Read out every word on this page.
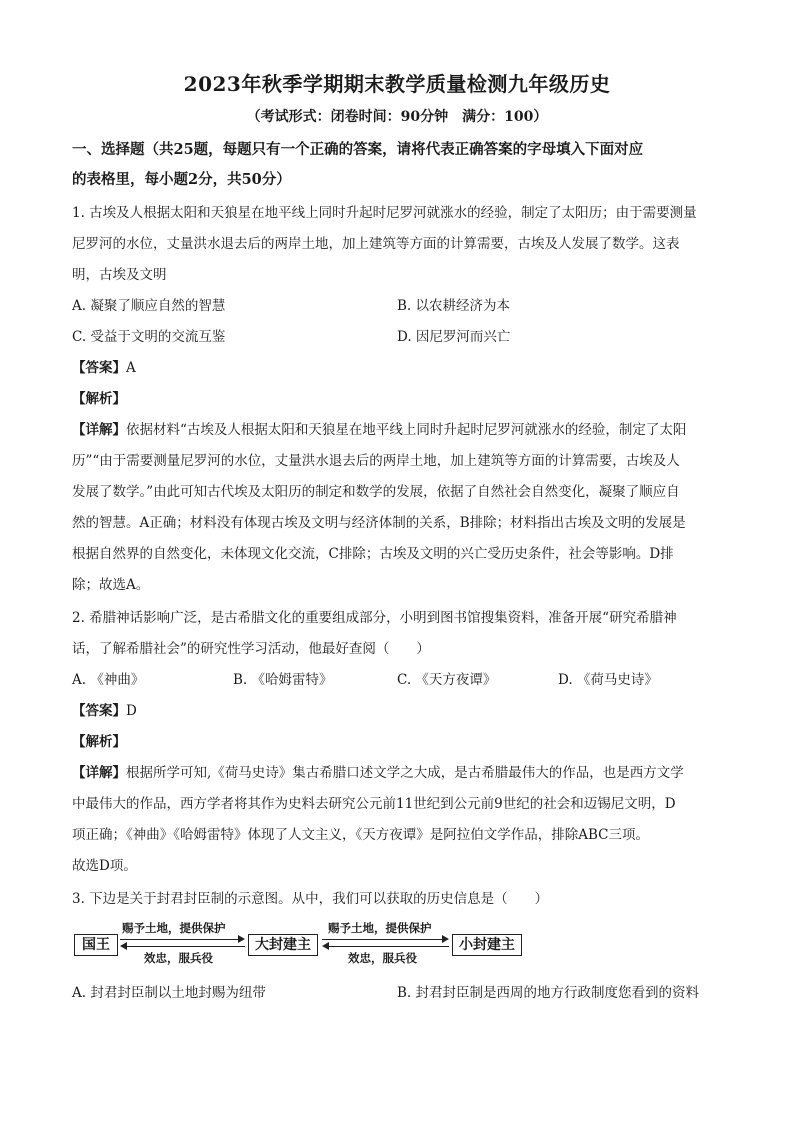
2023年秋季学期期末教学质量检测九年级历史
（考试形式：闭卷时间：90分钟　满分：100）
一、选择题（共25题，每题只有一个正确的答案，请将代表正确答案的字母填入下面对应
的表格里，每小题2分，共50分）
1. 古埃及人根据太阳和天狼星在地平线上同时升起时尼罗河就涨水的经验，制定了太阳历；由于需要测量
尼罗河的水位，丈量洪水退去后的两岸土地，加上建筑等方面的计算需要，古埃及人发展了数学。这表
明，古埃及文明
A. 凝聚了顺应自然的智慧	B. 以农耕经济为本
C. 受益于文明的交流互鉴	D. 因尼罗河而兴亡
【答案】A
【解析】
【详解】依据材料“古埃及人根据太阳和天狼星在地平线上同时升起时尼罗河就涨水的经验，制定了太阳
历”“由于需要测量尼罗河的水位，丈量洪水退去后的两岸土地，加上建筑等方面的计算需要，古埃及人
发展了数学。”由此可知古代埃及太阳历的制定和数学的发展，依据了自然社会自然变化，凝聚了顺应自
然的智慧。A正确；材料没有体现古埃及文明与经济体制的关系，B排除；材料指出古埃及文明的发展是
根据自然界的自然变化，未体现文化交流，C排除；古埃及文明的兴亡受历史条件，社会等影响。D排
除；故选A。
2. 希腊神话影响广泛，是古希腊文化的重要组成部分，小明到图书馆搜集资料，准备开展“研究希腊神
话，了解希腊社会”的研究性学习活动，他最好查阅（　　）
A. 《神曲》	B. 《哈姆雷特》	C. 《天方夜谭》	D. 《荷马史诗》
【答案】D
【解析】
【详解】根据所学可知,《荷马史诗》集古希腊口述文学之大成，是古希腊最伟大的作品，也是西方文学
中最伟大的作品，西方学者将其作为史料去研究公元前11世纪到公元前9世纪的社会和迈锡尼文明，D
项正确；《神曲》《哈姆雷特》体现了人文主义，《天方夜谭》是阿拉伯文学作品，排除ABC三项。
故选D项。
3. 下边是关于封君封臣制的示意图。从中，我们可以获取的历史信息是（　　）
国王	大封建主	小封建主
赐予土地，提供保护
效忠，服兵役
赐予土地，提供保护
效忠，服兵役
A. 封君封臣制以土地封赐为纽带	B. 封君封臣制是西周的地方行政制度您看到的资料
